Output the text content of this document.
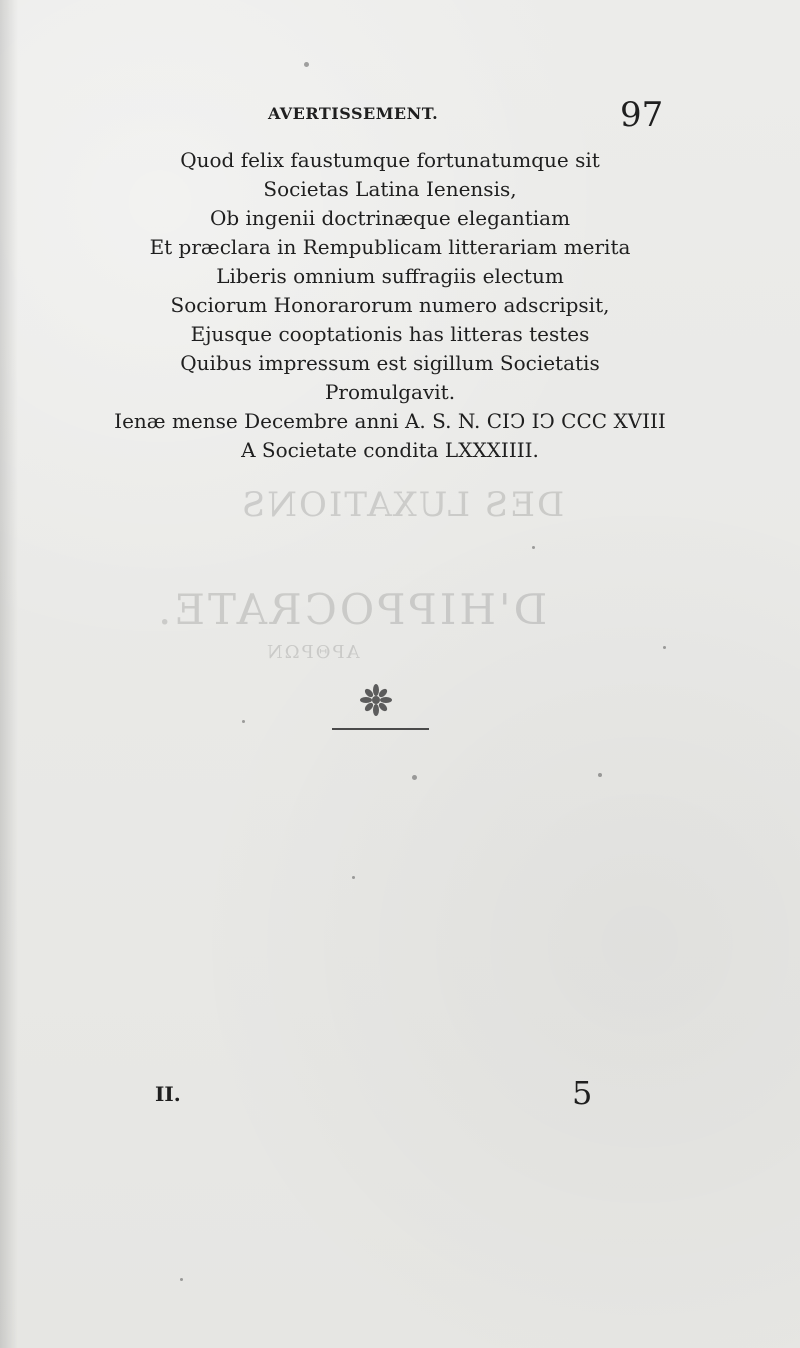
DES LUXATIONS
D'HIPPOCRATE.
ΑΡΘΡΩΝ
AVERTISSEMENT.	97
Quod felix faustumque fortunatumque sit
Societas Latina Ienensis,
Ob ingenii doctrinæque elegantiam
Et præclara in Rempublicam litterariam merita
Liberis omnium suffragiis electum
Sociorum Honorarorum numero adscripsit,
Ejusque cooptationis has litteras testes
Quibus impressum est sigillum Societatis
Promulgavit.
Ienæ mense Decembre anni A. S. N. CIↃ IↃ CCC XVIII
A Societate condita LXXXIIII.
II.	5
